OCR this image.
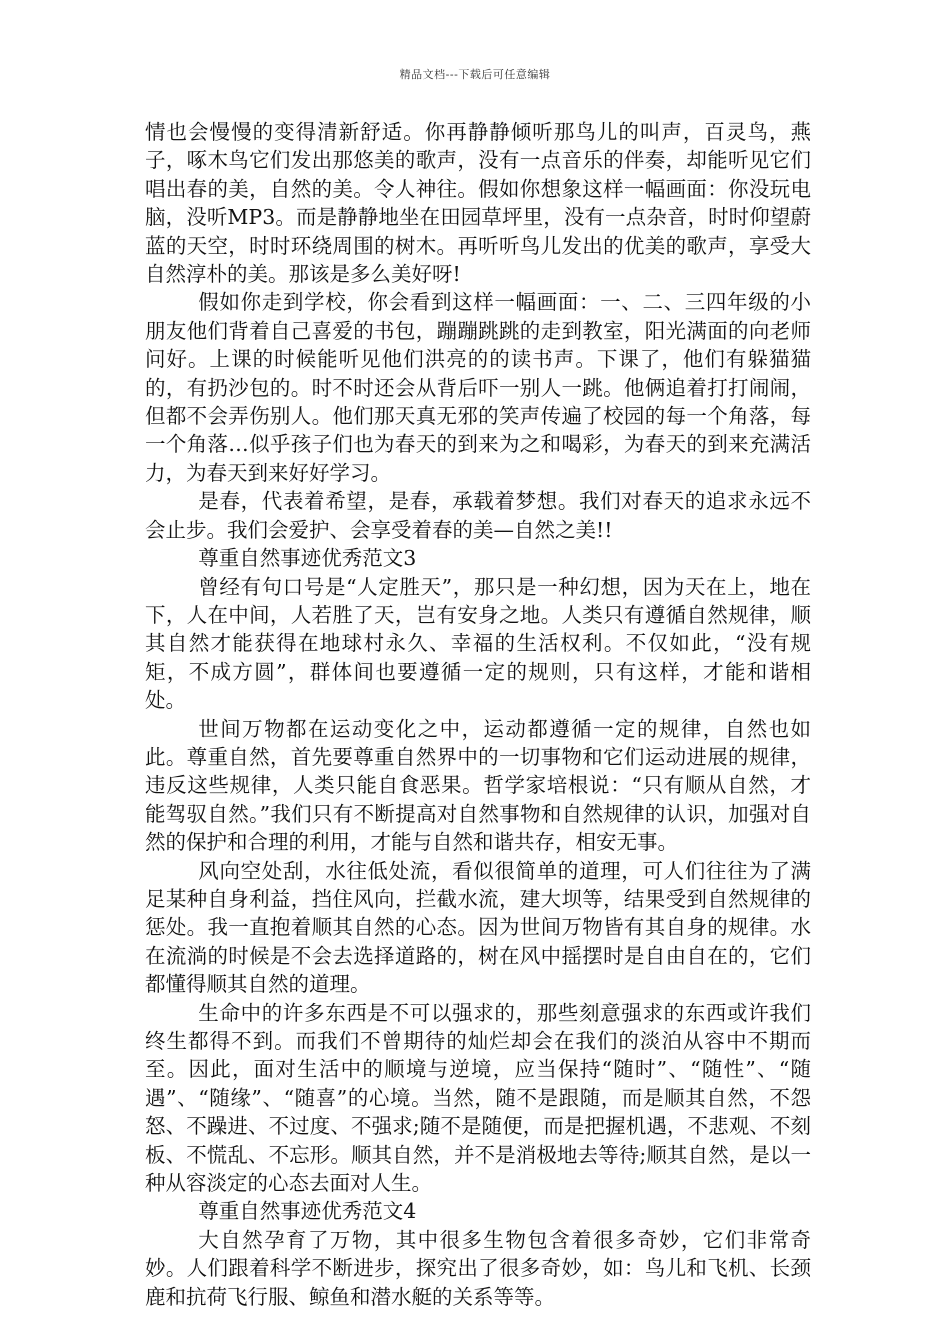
精品文档---下载后可任意编辑

情也会慢慢的变得清新舒适。你再静静倾听那鸟儿的叫声，百灵鸟，燕子，啄木鸟它们发出那悠美的歌声，没有一点音乐的伴奏，却能听见它们唱出春的美，自然的美。令人神往。假如你想象这样一幅画面：你没玩电脑，没听MP3。而是静静地坐在田园草坪里，没有一点杂音，时时仰望蔚蓝的天空，时时环绕周围的树木。再听听鸟儿发出的优美的歌声，享受大自然淳朴的美。那该是多么美好呀!

假如你走到学校，你会看到这样一幅画面：一、二、三四年级的小朋友他们背着自己喜爱的书包，蹦蹦跳跳的走到教室，阳光满面的向老师问好。上课的时候能听见他们洪亮的的读书声。下课了，他们有躲猫猫的，有扔沙包的。时不时还会从背后吓一别人一跳。他俩追着打打闹闹，但都不会弄伤别人。他们那天真无邪的笑声传遍了校园的每一个角落，每一个角落…似乎孩子们也为春天的到来为之和喝彩，为春天的到来充满活力，为春天到来好好学习。

是春，代表着希望，是春，承载着梦想。我们对春天的追求永远不会止步。我们会爱护、会享受着春的美—自然之美!!

尊重自然事迹优秀范文3

曾经有句口号是“人定胜天”，那只是一种幻想，因为天在上，地在下，人在中间，人若胜了天，岂有安身之地。人类只有遵循自然规律，顺其自然才能获得在地球村永久、幸福的生活权利。不仅如此，“没有规矩，不成方圆”，群体间也要遵循一定的规则，只有这样，才能和谐相处。

世间万物都在运动变化之中，运动都遵循一定的规律，自然也如此。尊重自然，首先要尊重自然界中的一切事物和它们运动进展的规律，违反这些规律，人类只能自食恶果。哲学家培根说：“只有顺从自然，才能驾驭自然。”我们只有不断提高对自然事物和自然规律的认识，加强对自然的保护和合理的利用，才能与自然和谐共存，相安无事。

风向空处刮，水往低处流，看似很简单的道理，可人们往往为了满足某种自身利益，挡住风向，拦截水流，建大坝等，结果受到自然规律的惩处。我一直抱着顺其自然的心态。因为世间万物皆有其自身的规律。水在流淌的时候是不会去选择道路的，树在风中摇摆时是自由自在的，它们都懂得顺其自然的道理。

生命中的许多东西是不可以强求的，那些刻意强求的东西或许我们终生都得不到。而我们不曾期待的灿烂却会在我们的淡泊从容中不期而至。因此，面对生活中的顺境与逆境，应当保持“随时”、“随性”、“随遇”、“随缘”、“随喜”的心境。当然，随不是跟随，而是顺其自然，不怨怒、不躁进、不过度、不强求;随不是随便，而是把握机遇，不悲观、不刻板、不慌乱、不忘形。顺其自然，并不是消极地去等待;顺其自然，是以一种从容淡定的心态去面对人生。

尊重自然事迹优秀范文4

大自然孕育了万物，其中很多生物包含着很多奇妙，它们非常奇妙。人们跟着科学不断进步，探究出了很多奇妙，如：鸟儿和飞机、长颈鹿和抗荷飞行服、鲸鱼和潜水艇的关系等等。
